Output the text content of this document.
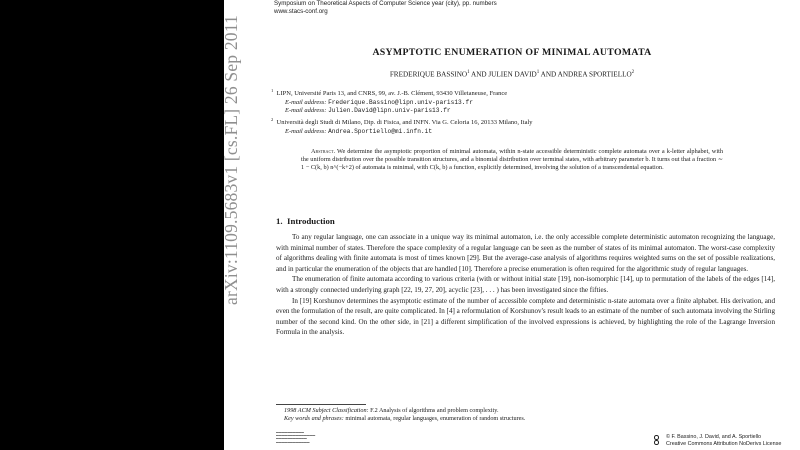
Symposium on Theoretical Aspects of Computer Science year (city), pp. numbers
www.stacs-conf.org
ASYMPTOTIC ENUMERATION OF MINIMAL AUTOMATA
FREDERIQUE BASSINO$^1$ AND JULIEN DAVID$^1$ AND ANDREA SPORTIELLO$^2$
$^1$ LIPN, Université Paris 13, and CNRS, 99, av. J.-B. Clément, 93430 Villetaneuse, France
E-mail address: Frederique.Bassino@lipn.univ-paris13.fr
E-mail address: Julien.David@lipn.univ-paris13.fr
$^2$ Università degli Studi di Milano, Dip. di Fisica, and INFN. Via G. Celoria 16, 20133 Milano, Italy
E-mail address: Andrea.Sportiello@mi.infn.it
Abstract. We determine the asymptotic proportion of minimal automata, within n-state accessible deterministic complete automata over a k-letter alphabet, with the uniform distribution over the possible transition structures, and a binomial distribution over terminal states, with arbitrary parameter b. It turns out that a fraction ∼ 1 − C(k, b) n^(−k+2) of automata is minimal, with C(k, b) a function, explicitly determined, involving the solution of a transcendental equation.
1. Introduction

To any regular language, one can associate in a unique way its minimal automaton, i.e. the only accessible complete deterministic automaton recognizing the language, with minimal number of states. Therefore the space complexity of a regular language can be seen as the number of states of its minimal automaton. The worst-case complexity of algorithms dealing with finite automata is most of times known [29]. But the average-case analysis of algorithms requires weighted sums on the set of possible realizations, and in particular the enumeration of the objects that are handled [10]. Therefore a precise enumeration is often required for the algorithmic study of regular languages.

The enumeration of finite automata according to various criteria (with or without initial state [19], non-isomorphic [14], up to permutation of the labels of the edges [14], with a strongly connected underlying graph [22, 19, 27, 20], acyclic [23], . . . ) has been investigated since the fifties.

In [19] Korshunov determines the asymptotic estimate of the number of accessible complete and deterministic n-state automata over a finite alphabet. His derivation, and even the formulation of the result, are quite complicated. In [4] a reformulation of Korshunov's result leads to an estimate of the number of such automata involving the Stirling number of the second kind. On the other side, in [21] a different simplification of the involved expressions is achieved, by highlighting the role of the Lagrange Inversion Formula in the analysis.

1998 ACM Subject Classification: F.2 Analysis of algorithms and problem complexity.
Key words and phrases: minimal automata, regular languages, enumeration of random structures.
▬▬▬▬▬▬▬▬▬▬
▬▬▬▬▬▬▬▬▬▬▬▬▬▬
▬▬▬▬▬▬▬▬▬▬▬
▬▬▬▬▬▬▬▬▬▬▬▬
© F. Bassino, J. David, and A. Sportiello
Creative Commons Attribution NoDerivs License
arXiv:1109.5683v1 [cs.FL] 26 Sep 2011
